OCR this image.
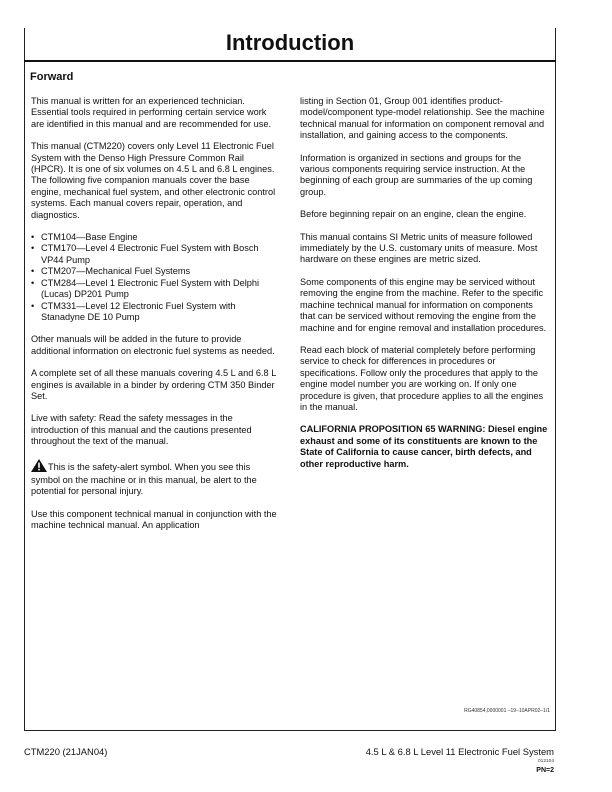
Introduction
Forward

This manual is written for an experienced technician. Essential tools required in performing certain service work are identified in this manual and are recommended for use.

This manual (CTM220) covers only Level 11 Electronic Fuel System with the Denso High Pressure Common Rail (HPCR). It is one of six volumes on 4.5 L and 6.8 L engines. The following five companion manuals cover the base engine, mechanical fuel system, and other electronic control systems. Each manual covers repair, operation, and diagnostics.

• CTM104—Base Engine
• CTM170—Level 4 Electronic Fuel System with Bosch VP44 Pump
• CTM207—Mechanical Fuel Systems
• CTM284—Level 1 Electronic Fuel System with Delphi (Lucas) DP201 Pump
• CTM331—Level 12 Electronic Fuel System with Stanadyne DE 10 Pump

Other manuals will be added in the future to provide additional information on electronic fuel systems as needed.

A complete set of all these manuals covering 4.5 L and 6.8 L engines is available in a binder by ordering CTM 350 Binder Set.

Live with safety: Read the safety messages in the introduction of this manual and the cautions presented throughout the text of the manual.

This is the safety-alert symbol. When you see this symbol on the machine or in this manual, be alert to the potential for personal injury.

Use this component technical manual in conjunction with the machine technical manual. An application

listing in Section 01, Group 001 identifies product-model/component type-model relationship. See the machine technical manual for information on component removal and installation, and gaining access to the components.

Information is organized in sections and groups for the various components requiring service instruction. At the beginning of each group are summaries of the up coming group.

Before beginning repair on an engine, clean the engine.

This manual contains SI Metric units of measure followed immediately by the U.S. customary units of measure. Most hardware on these engines are metric sized.

Some components of this engine may be serviced without removing the engine from the machine. Refer to the specific machine technical manual for information on components that can be serviced without removing the engine from the machine and for engine removal and installation procedures.

Read each block of material completely before performing service to check for differences in procedures or specifications. Follow only the procedures that apply to the engine model number you are working on. If only one procedure is given, that procedure applies to all the engines in the manual.

CALIFORNIA PROPOSITION 65 WARNING: Diesel engine exhaust and some of its constituents are known to the State of California to cause cancer, birth defects, and other reproductive harm.

RG40854,0000001 –19–10APR02–1/1
CTM220 (21JAN04)	4.5 L & 6.8 L Level 11 Electronic Fuel System
012104
PN=2
